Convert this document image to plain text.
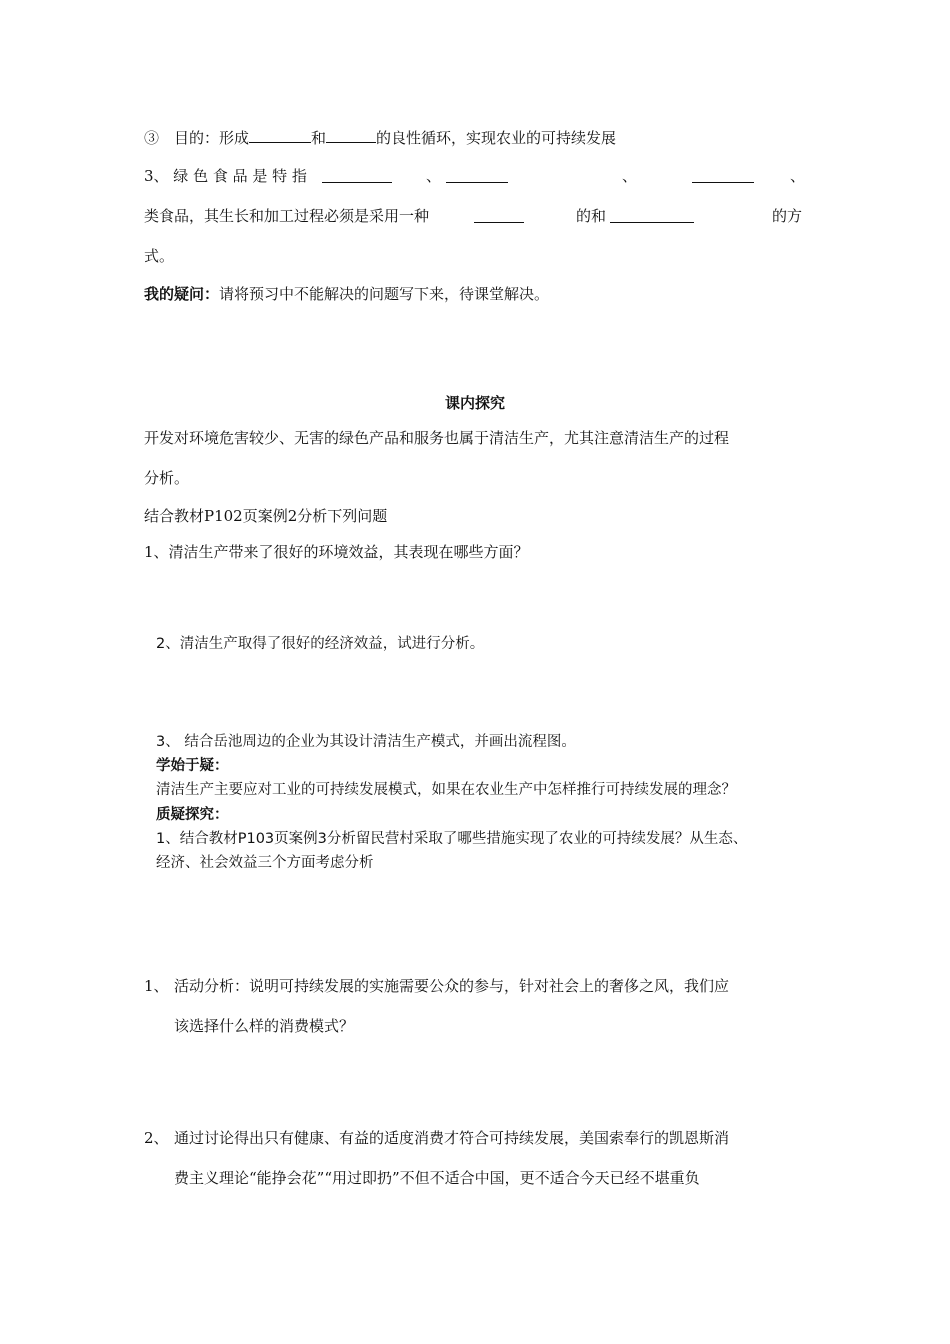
③　目的：形成	和	的良性循环，实现农业的可持续发展
3、 绿 色 食 品 是 特 指	、	、	、
类食品，其生长和加工过程必须是采用一种	的和	的方
式。
我的疑问：请将预习中不能解决的问题写下来，待课堂解决。
课内探究
开发对环境危害较少、无害的绿色产品和服务也属于清洁生产，尤其注意清洁生产的过程
分析。
结合教材P102页案例2分析下列问题
1、清洁生产带来了很好的环境效益，其表现在哪些方面？
2、清洁生产取得了很好的经济效益，试进行分析。
3、 结合岳池周边的企业为其设计清洁生产模式，并画出流程图。
学始于疑：
清洁生产主要应对工业的可持续发展模式，如果在农业生产中怎样推行可持续发展的理念？
质疑探究：
1、结合教材P103页案例3分析留民营村采取了哪些措施实现了农业的可持续发展？从生态、
经济、社会效益三个方面考虑分析
1、 活动分析：说明可持续发展的实施需要公众的参与，针对社会上的奢侈之风，我们应
该选择什么样的消费模式？
2、 通过讨论得出只有健康、有益的适度消费才符合可持续发展，美国索奉行的凯恩斯消
费主义理论“能挣会花”“用过即扔”不但不适合中国，更不适合今天已经不堪重负
